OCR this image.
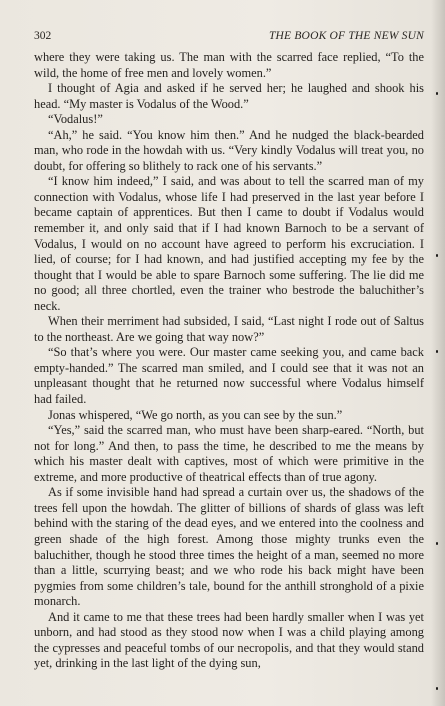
302	THE BOOK OF THE NEW SUN

where they were taking us. The man with the scarred face replied, “To the wild, the home of free men and lovely women.”

I thought of Agia and asked if he served her; he laughed and shook his head. “My master is Vodalus of the Wood.”

“Vodalus!”

“Ah,” he said. “You know him then.” And he nudged the black-bearded man, who rode in the howdah with us. “Very kindly Vodalus will treat you, no doubt, for offering so blithely to rack one of his servants.”

“I know him indeed,” I said, and was about to tell the scarred man of my connection with Vodalus, whose life I had preserved in the last year before I became captain of apprentices. But then I came to doubt if Vodalus would remember it, and only said that if I had known Barnoch to be a servant of Vodalus, I would on no account have agreed to perform his excruciation. I lied, of course; for I had known, and had justified accepting my fee by the thought that I would be able to spare Barnoch some suffering. The lie did me no good; all three chortled, even the trainer who bestrode the baluchither’s neck.

When their merriment had subsided, I said, “Last night I rode out of Saltus to the northeast. Are we going that way now?”

“So that’s where you were. Our master came seeking you, and came back empty-handed.” The scarred man smiled, and I could see that it was not an unpleasant thought that he returned now successful where Vodalus himself had failed.

Jonas whispered, “We go north, as you can see by the sun.”

“Yes,” said the scarred man, who must have been sharp-eared. “North, but not for long.” And then, to pass the time, he described to me the means by which his master dealt with captives, most of which were primitive in the extreme, and more productive of theatrical effects than of true agony.

As if some invisible hand had spread a curtain over us, the shadows of the trees fell upon the howdah. The glitter of billions of shards of glass was left behind with the staring of the dead eyes, and we entered into the coolness and green shade of the high forest. Among those mighty trunks even the baluchither, though he stood three times the height of a man, seemed no more than a little, scurrying beast; and we who rode his back might have been pygmies from some children’s tale, bound for the anthill stronghold of a pixie monarch.

And it came to me that these trees had been hardly smaller when I was yet unborn, and had stood as they stood now when I was a child playing among the cypresses and peaceful tombs of our necropolis, and that they would stand yet, drinking in the last light of the dying sun,
